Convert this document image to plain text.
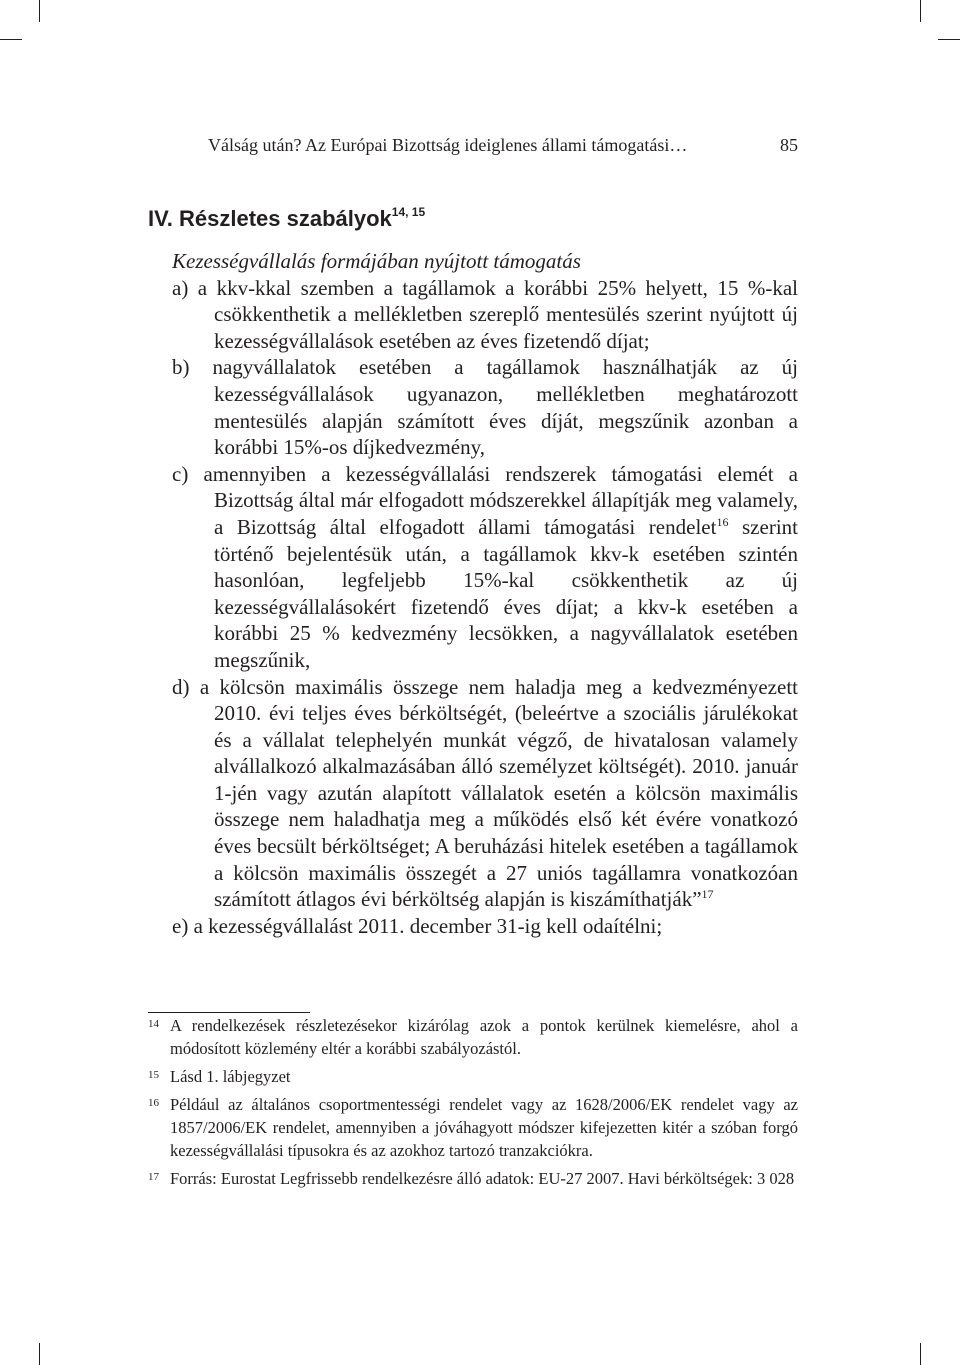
Válság után? Az Európai Bizottság ideiglenes állami támogatási…	85
IV. Részletes szabályok$^{14, 15}$

Kezességvállalás formájában nyújtott támogatás

a) a kkv-kkal szemben a tagállamok a korábbi 25% helyett, 15 %-kal csökkenthetik a mellékletben szereplő mentesülés szerint nyújtott új kezességvállalások esetében az éves fizetendő díjat;

b) nagyvállalatok esetében a tagállamok használhatják az új kezességvállalások ugyanazon, mellékletben meghatározott mentesülés alapján számított éves díját, megszűnik azonban a korábbi 15%-os díjkedvezmény,

c) amennyiben a kezességvállalási rendszerek támogatási elemét a Bizottság által már elfogadott módszerekkel állapítják meg valamely, a Bizottság által elfogadott állami támogatási rendelet$^{16}$ szerint történő bejelentésük után, a tagállamok kkv-k esetében szintén hasonlóan, legfeljebb 15%-kal csökkenthetik az új kezességvállalásokért fizetendő éves díjat; a kkv-k esetében a korábbi 25 % kedvezmény lecsökken, a nagyvállalatok esetében megszűnik,

d) a kölcsön maximális összege nem haladja meg a kedvezményezett 2010. évi teljes éves bérköltségét, (beleértve a szociális járulékokat és a vállalat telephelyén munkát végző, de hivatalosan valamely alvállalkozó alkalmazásában álló személyzet költségét). 2010. január 1-jén vagy azután alapított vállalatok esetén a kölcsön maximális összege nem haladhatja meg a működés első két évére vonatkozó éves becsült bérköltséget; A beruházási hitelek esetében a tagállamok a kölcsön maximális összegét a 27 uniós tagállamra vonatkozóan számított átlagos évi bérköltség alapján is kiszámíthatják”$^{17}$

e) a kezességvállalást 2011. december 31-ig kell odaítélni;

14 A rendelkezések részletezésekor kizárólag azok a pontok kerülnek kiemelésre, ahol a módosított közlemény eltér a korábbi szabályozástól.

15 Lásd 1. lábjegyzet

16 Például az általános csoportmentességi rendelet vagy az 1628/2006/EK rendelet vagy az 1857/2006/EK rendelet, amennyiben a jóváhagyott módszer kifejezetten kitér a szóban forgó kezességvállalási típusokra és az azokhoz tartozó tranzakciókra.

17 Forrás: Eurostat Legfrissebb rendelkezésre álló adatok: EU-27 2007. Havi bérköltségek: 3 028
